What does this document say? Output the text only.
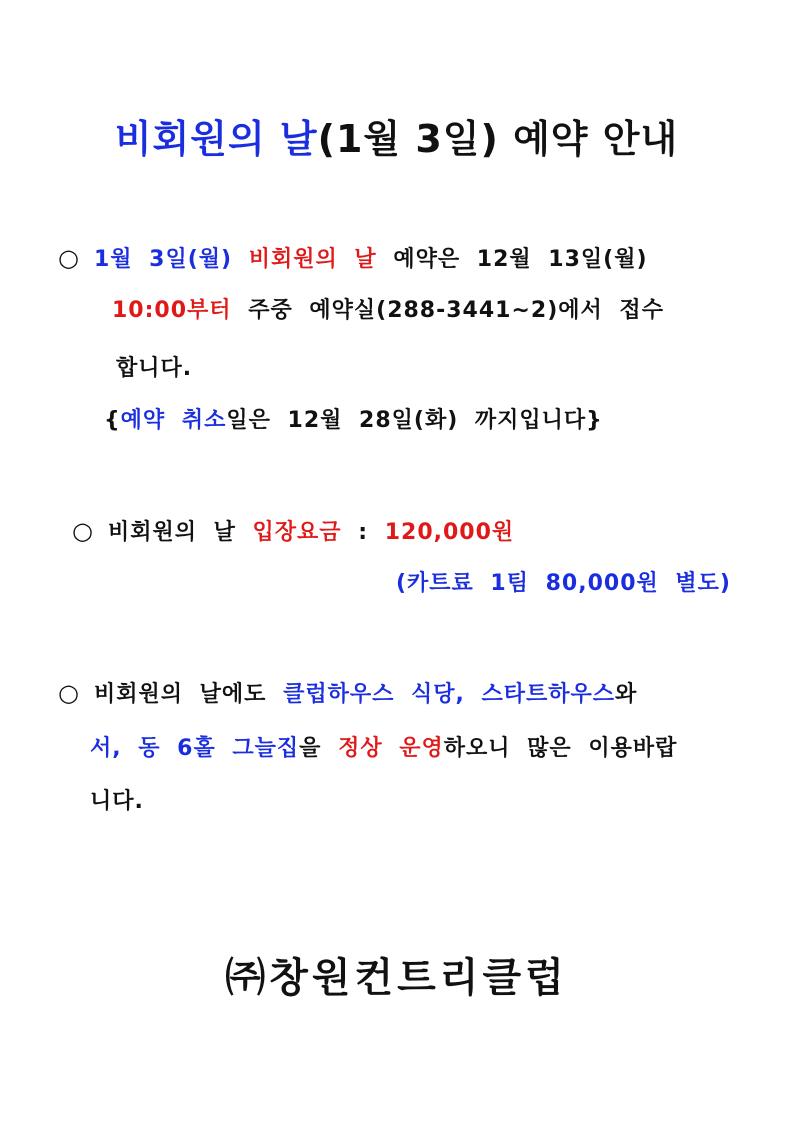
비회원의 날(1월 3일) 예약 안내
○ 1월 3일(월) 비회원의 날 예약은 12월 13일(월)
10:00부터 주중 예약실(288-3441∼2)에서 접수
합니다.
{예약 취소일은 12월 28일(화) 까지입니다}
○ 비회원의 날 입장요금 : 120,000원
(카트료 1팀 80,000원 별도)
○ 비회원의 날에도 클럽하우스 식당, 스타트하우스와
서, 동 6홀 그늘집을 정상 운영하오니 많은 이용바랍
니다.
㈜창원컨트리클럽
